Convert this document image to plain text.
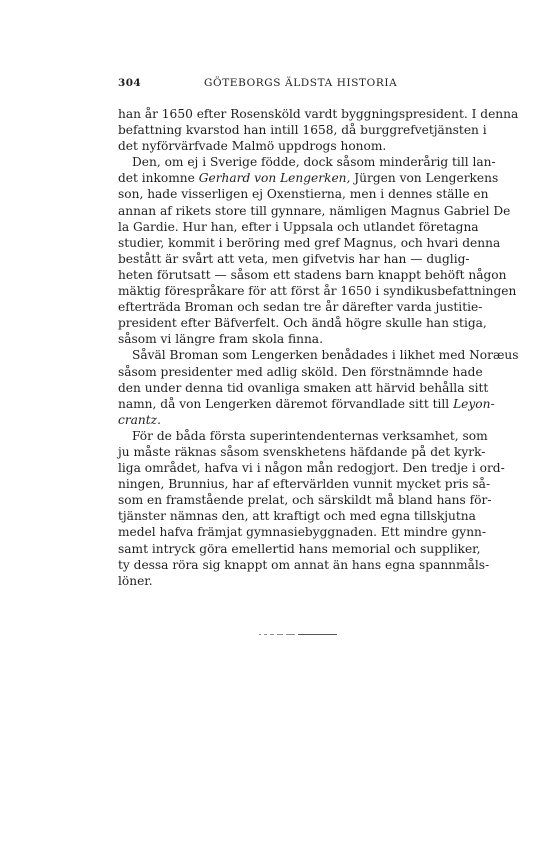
304	GÖTEBORGS ÄLDSTA HISTORIA
han år 1650 efter Rosensköld vardt byggningspresident. I denna
befattning kvarstod han intill 1658, då burggrefvetjänsten i
det nyförvärfvade Malmö uppdrogs honom.
Den, om ej i Sverige födde, dock såsom minderårig till lan-
det inkomne Gerhard von Lengerken, Jürgen von Lengerkens
son, hade visserligen ej Oxenstierna, men i dennes ställe en
annan af rikets store till gynnare, nämligen Magnus Gabriel De
la Gardie. Hur han, efter i Uppsala och utlandet företagna
studier, kommit i beröring med gref Magnus, och hvari denna
bestått är svårt att veta, men gifvetvis har han — duglig-
heten förutsatt — såsom ett stadens barn knappt behöft någon
mäktig förespråkare för att först år 1650 i syndikusbefattningen
efterträda Broman och sedan tre år därefter varda justitie-
president efter Bäfverfelt. Och ändå högre skulle han stiga,
såsom vi längre fram skola finna.
Såväl Broman som Lengerken benådades i likhet med Noræus
såsom presidenter med adlig sköld. Den förstnämnde hade
den under denna tid ovanliga smaken att härvid behålla sitt
namn, då von Lengerken däremot förvandlade sitt till Leyon-
crantz.
För de båda första superintendenternas verksamhet, som
ju måste räknas såsom svenskhetens häfdande på det kyrk-
liga området, hafva vi i någon mån redogjort. Den tredje i ord-
ningen, Brunnius, har af eftervärlden vunnit mycket pris så-
som en framstående prelat, och särskildt må bland hans för-
tjänster nämnas den, att kraftigt och med egna tillskjutna
medel hafva främjat gymnasiebyggnaden. Ett mindre gynn-
samt intryck göra emellertid hans memorial och suppliker,
ty dessa röra sig knappt om annat än hans egna spannmåls-
löner.
